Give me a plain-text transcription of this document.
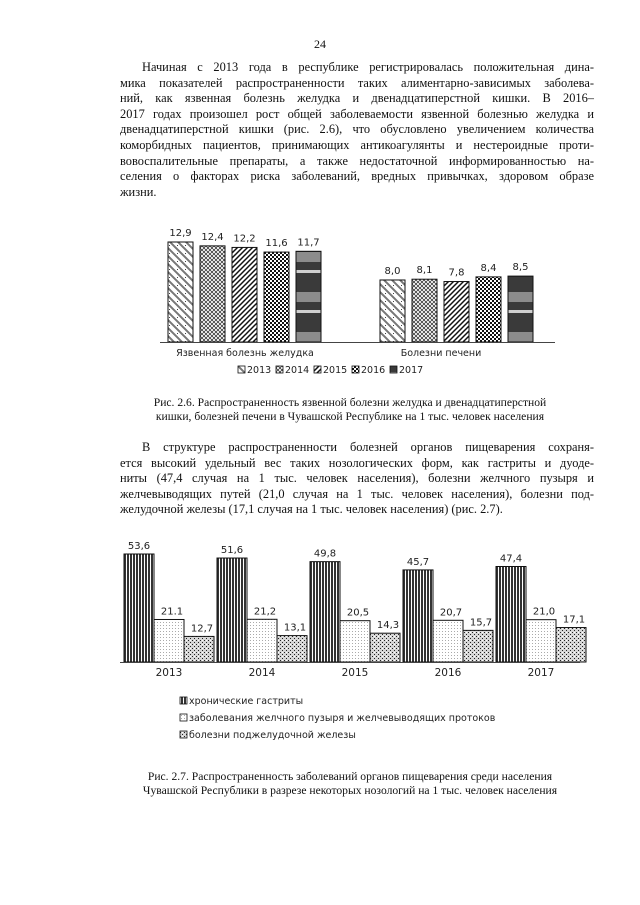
24

Начиная с 2013 года в республике регистрировалась положительная дина-
мика показателей распространенности таких алиментарно-зависимых заболева-
ний, как язвенная болезнь желудка и двенадцатиперстной кишки. В 2016–
2017 годах произошел рост общей заболеваемости язвенной болезнью желудка и
двенадцатиперстной кишки (рис. 2.6), что обусловлено увеличением количества
коморбидных пациентов, принимающих антикоагулянты и нестероидные проти-
вовоспалительные препараты, а также недостаточной информированностью на-
селения о факторах риска заболеваний, вредных привычках, здоровом образе
жизни.

12,9 12,4 12,2 11,6 11,7
8,0 8,1 7,8 8,4 8,5
Язвенная болезнь желудка	Болезни печени
2013 2014 2015 2016 2017
Рис. 2.6. Распространенность язвенной болезни желудка и двенадцатиперстной
кишки, болезней печени в Чувашской Республике на 1 тыс. человек населения

В структуре распространенности болезней органов пищеварения сохраня-
ется высокий удельный вес таких нозологических форм, как гастриты и дуоде-
ниты (47,4 случая на 1 тыс. человек населения), болезни желчного пузыря и
желчевыводящих путей (21,0 случая на 1 тыс. человек населения), болезни под-
желудочной железы (17,1 случая на 1 тыс. человек населения) (рис. 2.7).

53,6
21.1
12,7
2013
51,6
21,2
13,1
2014
49,8
20,5
14,3
2015
45,7
20,7
15,7
2016
47,4
21,0
17,1
2017
хронические гастриты
заболевания желчного пузыря и желчевыводящих протоков
болезни поджелудочной железы
Рис. 2.7. Распространенность заболеваний органов пищеварения среди населения
Чувашской Республики в разрезе некоторых нозологий на 1 тыс. человек населения
